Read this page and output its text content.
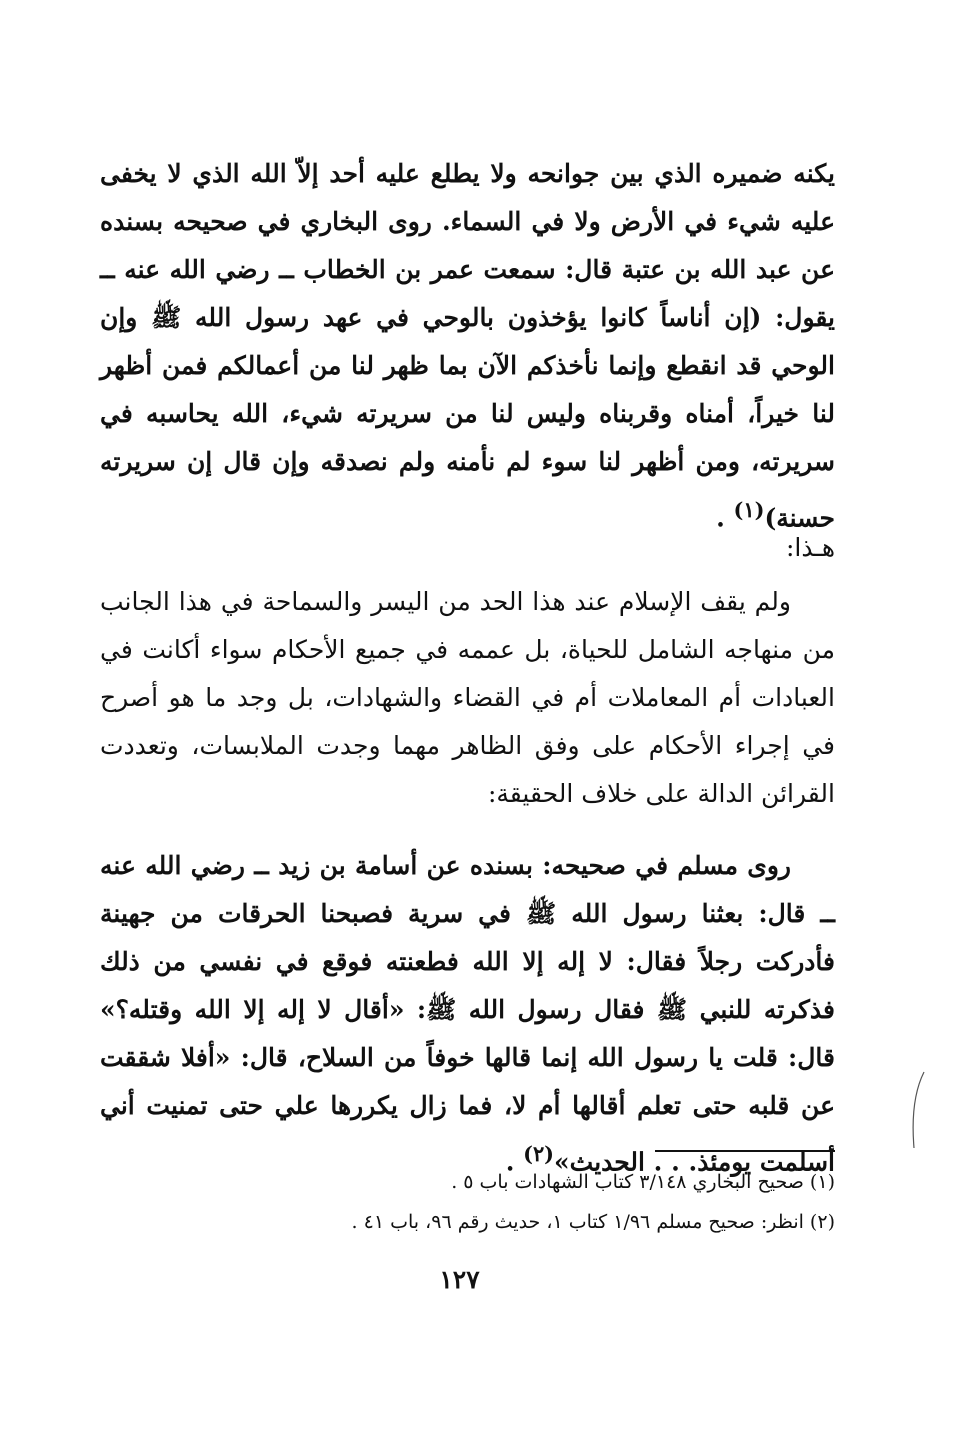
يكنه ضميره الذي بين جوانحه ولا يطلع عليه أحد إلاّ الله الذي لا يخفى عليه شيء في الأرض ولا في السماء. روى البخاري في صحيحه بسنده عن عبد الله بن عتبة قال: سمعت عمر بن الخطاب ــ رضي الله عنه ــ يقول: (إن أناساً كانوا يؤخذون بالوحي في عهد رسول الله ﷺ وإن الوحي قد انقطع وإنما نأخذكم الآن بما ظهر لنا من أعمالكم فمن أظهر لنا خيراً، أمناه وقربناه وليس لنا من سريرته شيء، الله يحاسبه في سريرته، ومن أظهر لنا سوء لم نأمنه ولم نصدقه وإن قال إن سريرته حسنة)$^{(١)}$ .

هـذا:

ولم يقف الإسلام عند هذا الحد من اليسر والسماحة في هذا الجانب من منهاجه الشامل للحياة، بل عممه في جميع الأحكام سواء أكانت في العبادات أم المعاملات أم في القضاء والشهادات، بل وجد ما هو أصرح في إجراء الأحكام على وفق الظاهر مهما وجدت الملابسات، وتعددت القرائن الدالة على خلاف الحقيقة:

روى مسلم في صحيحه: بسنده عن أسامة بن زيد ــ رضي الله عنه ــ قال: بعثنا رسول الله ﷺ في سرية فصبحنا الحرقات من جهينة فأدركت رجلاً فقال: لا إله إلا الله فطعنته فوقع في نفسي من ذلك فذكرته للنبي ﷺ فقال رسول الله ﷺ: «أقال لا إله إلا الله وقتله؟» قال: قلت يا رسول الله إنما قالها خوفاً من السلاح، قال: «أفلا شققت عن قلبه حتى تعلم أقالها أم لا، فما زال يكررها علي حتى تمنيت أني أسلمت يومئذ. . . الحديث»$^{(٢)}$ .

(١) صحيح البخاري ٣/١٤٨ كتاب الشهادات باب ٥ .

(٢) انظر: صحيح مسلم ١/٩٦ كتاب ١، حديث رقم ٩٦، باب ٤١ .

١٢٧
